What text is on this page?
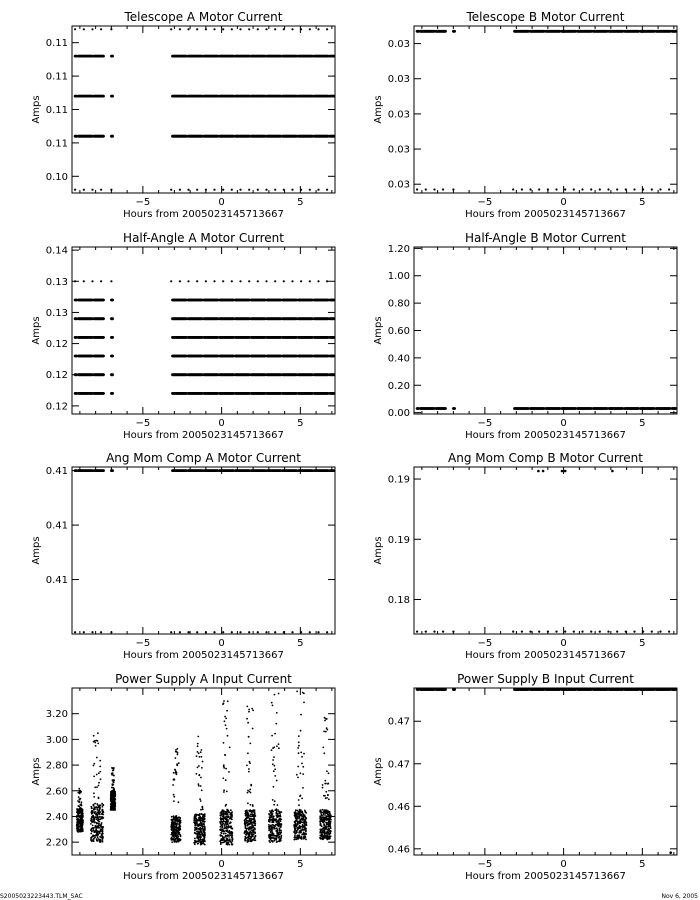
Telescope A Motor Current
Hours from 2005023145713667
Amps
−5	0	5
0.10
0.11
0.11
0.11
0.11
Telescope B Motor Current
Hours from 2005023145713667
Amps
−5	0	5
0.03
0.03
0.03
0.03
0.03
Half-Angle A Motor Current
Hours from 2005023145713667
Amps
−5	0	5
0.12
0.12
0.12
0.13
0.13
0.14
Half-Angle B Motor Current
Hours from 2005023145713667
Amps
−5	0	5
0.00
0.20
0.40
0.60
0.80
1.00
1.20
Ang Mom Comp A Motor Current
Hours from 2005023145713667
Amps
−5	0	5
0.41
0.41
0.41
Ang Mom Comp B Motor Current
Hours from 2005023145713667
Amps
−5	0	5
0.18
0.19
0.19
Power Supply A Input Current
Hours from 2005023145713667
Amps
−5	0	5
2.20
2.40
2.60
2.80
3.00
3.20
Power Supply B Input Current
Hours from 2005023145713667
Amps
−5	0	5
0.46
0.46
0.47
0.47
S2005023223443.TLM_SAC	Nov 6, 2005
